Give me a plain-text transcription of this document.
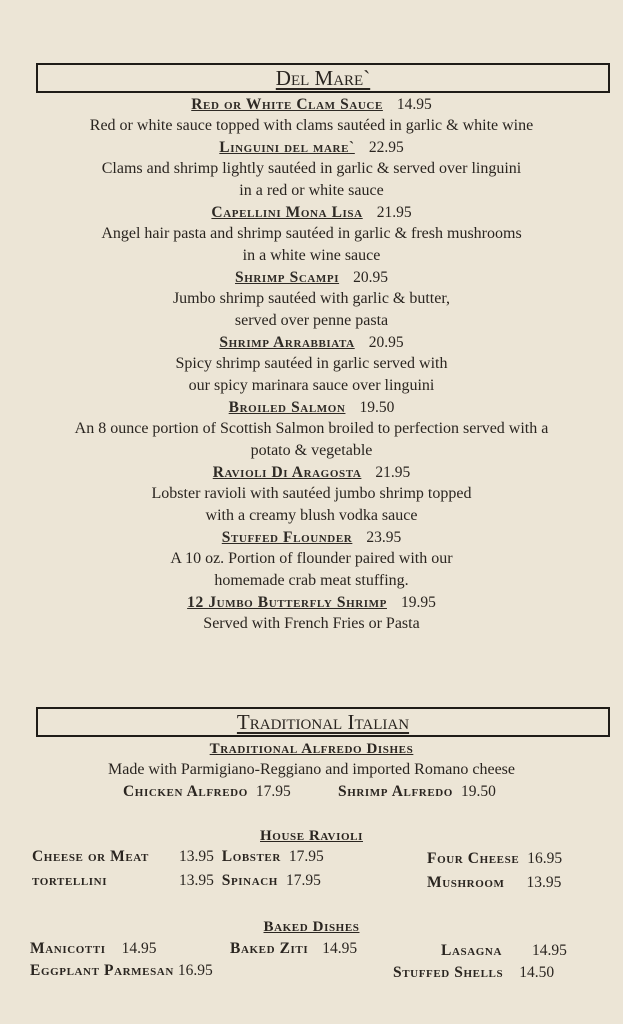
Del Mare`
Red or White Clam Sauce 14.95
Red or white sauce topped with clams sautéed in garlic & white wine
Linguini del mare` 22.95
Clams and shrimp lightly sautéed in garlic & served over linguini
in a red or white sauce
Capellini Mona Lisa 21.95
Angel hair pasta and shrimp sautéed in garlic & fresh mushrooms
in a white wine sauce
Shrimp Scampi 20.95
Jumbo shrimp sautéed with garlic & butter,
served over penne pasta
Shrimp Arrabbiata 20.95
Spicy shrimp sautéed in garlic served with
our spicy marinara sauce over linguini
Broiled Salmon 19.50
An 8 ounce portion of Scottish Salmon broiled to perfection served with a
potato & vegetable
Ravioli Di Aragosta 21.95
Lobster ravioli with sautéed jumbo shrimp topped
with a creamy blush vodka sauce
Stuffed Flounder 23.95
A 10 oz. Portion of flounder paired with our
homemade crab meat stuffing.
12 Jumbo Butterfly Shrimp 19.95
Served with French Fries or Pasta
Traditional Italian
Traditional Alfredo Dishes
Made with Parmigiano-Reggiano and imported Romano cheese
Chicken Alfredo 17.95	Shrimp Alfredo 19.50
House Ravioli
Cheese or Meat 13.95 Lobster 17.95	Four Cheese 16.95
tortellini	13.95 Spinach 17.95	Mushroom 13.95
Baked Dishes
Manicotti 14.95	Baked Ziti 14.95	Lasagna 14.95
Eggplant Parmesan 16.95	Stuffed Shells 14.50
